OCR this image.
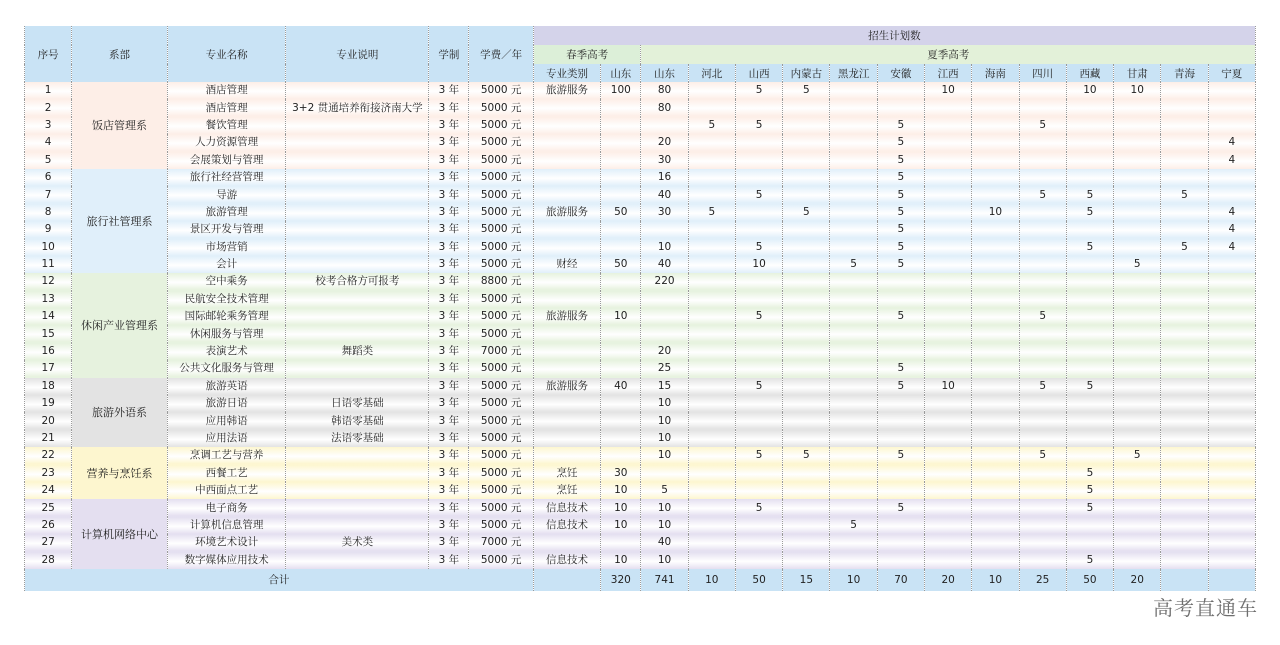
序号	系部	专业名称	专业说明	学制	学费／年	招生计划数														
						春季高考		夏季高考												
						专业类别	山东	山东	河北	山西	内蒙古	黑龙江	安徽	江西	海南	四川	西藏	甘肃	青海	宁夏
1	饭店管理系	酒店管理		3 年	5000 元	旅游服务	100	80		5	5			10			10	10		
2		酒店管理	3+2 贯通培养衔接济南大学	3 年	5000 元			80												
3		餐饮管理		3 年	5000 元				5	5			5			5				
4		人力资源管理		3 年	5000 元			20					5							4
5		会展策划与管理		3 年	5000 元			30					5							4
6	旅行社管理系	旅行社经营管理		3 年	5000 元			16					5							
7		导游		3 年	5000 元			40		5			5			5	5		5	
8		旅游管理		3 年	5000 元	旅游服务	50	30	5		5		5		10		5			4
9		景区开发与管理		3 年	5000 元								5							4
10		市场营销		3 年	5000 元			10		5			5				5		5	4
11		会计		3 年	5000 元	财经	50	40		10		5	5					5		
12	休闲产业管理系	空中乘务	校考合格方可报考	3 年	8800 元			220												
13		民航安全技术管理		3 年	5000 元															
14		国际邮轮乘务管理		3 年	5000 元	旅游服务	10			5			5			5				
15		休闲服务与管理		3 年	5000 元															
16		表演艺术	舞蹈类	3 年	7000 元			20												
17		公共文化服务与管理		3 年	5000 元			25					5							
18	旅游外语系	旅游英语		3 年	5000 元	旅游服务	40	15		5			5	10		5	5			
19		旅游日语	日语零基础	3 年	5000 元			10												
20		应用韩语	韩语零基础	3 年	5000 元			10												
21		应用法语	法语零基础	3 年	5000 元			10												
22	营养与烹饪系	烹调工艺与营养		3 年	5000 元			10		5	5		5			5		5		
23		西餐工艺		3 年	5000 元	烹饪	30										5			
24		中西面点工艺		3 年	5000 元	烹饪	10	5									5			
25	计算机网络中心	电子商务		3 年	5000 元	信息技术	10	10		5			5				5			
26		计算机信息管理		3 年	5000 元	信息技术	10	10				5								
27		环境艺术设计	美术类	3 年	7000 元			40												
28		数字媒体应用技术		3 年	5000 元	信息技术	10	10									5			
合计							320	741	10	50	15	10	70	20	10	25	50	20		
高考直通车
